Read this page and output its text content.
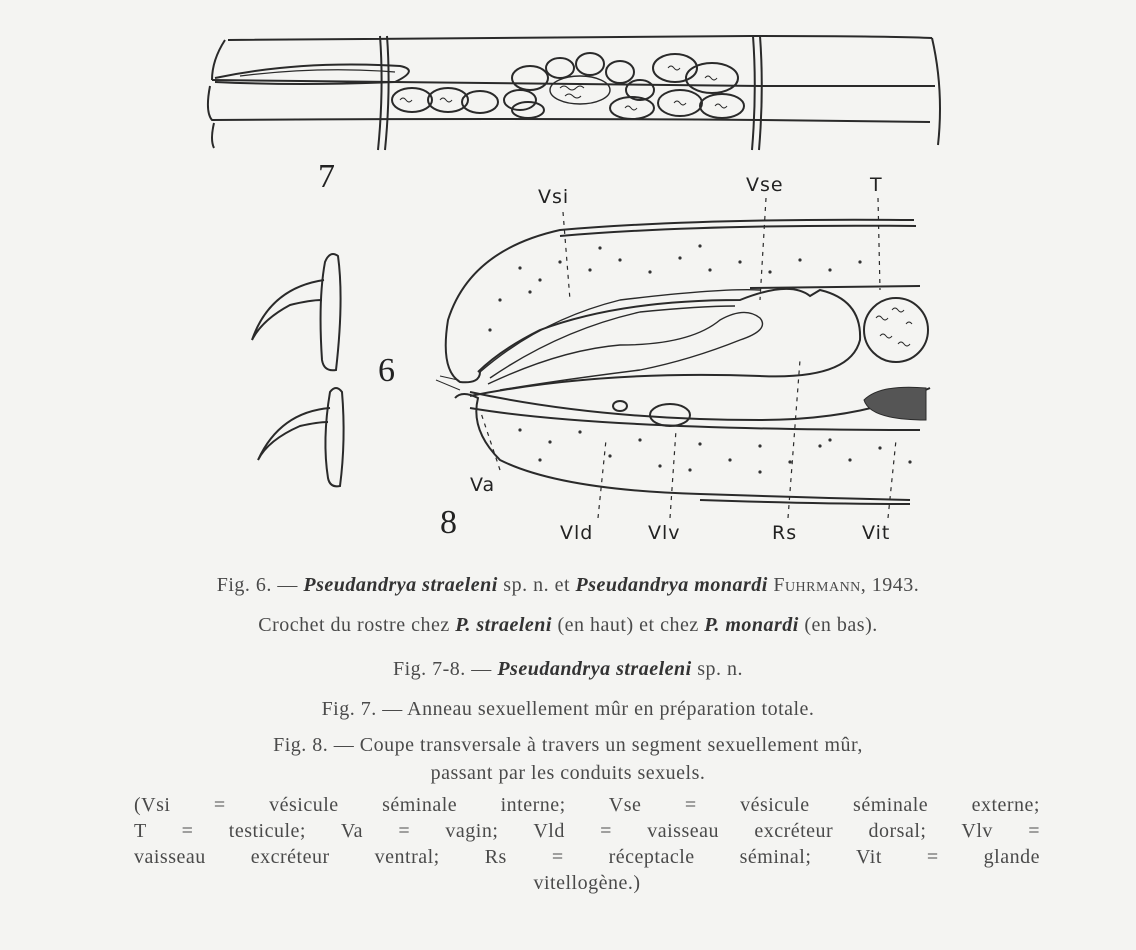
7
6
8
Vsi
Vse	T
Va
Vld	Vlv	Rs	Vit
Fig. 6. — Pseudandrya straeleni sp. n. et Pseudandrya monardi Fuhrmann, 1943.
Crochet du rostre chez P. straeleni (en haut) et chez P. monardi (en bas).
Fig. 7-8. — Pseudandrya straeleni sp. n.
Fig. 7. — Anneau sexuellement mûr en préparation totale.
Fig. 8. — Coupe transversale à travers un segment sexuellement mûr,
passant par les conduits sexuels.
(Vsi = vésicule séminale interne; Vse = vésicule séminale externe;
T = testicule; Va = vagin; Vld = vaisseau excréteur dorsal; Vlv =
vaisseau excréteur ventral; Rs = réceptacle séminal; Vit = glande
vitellogène.)
